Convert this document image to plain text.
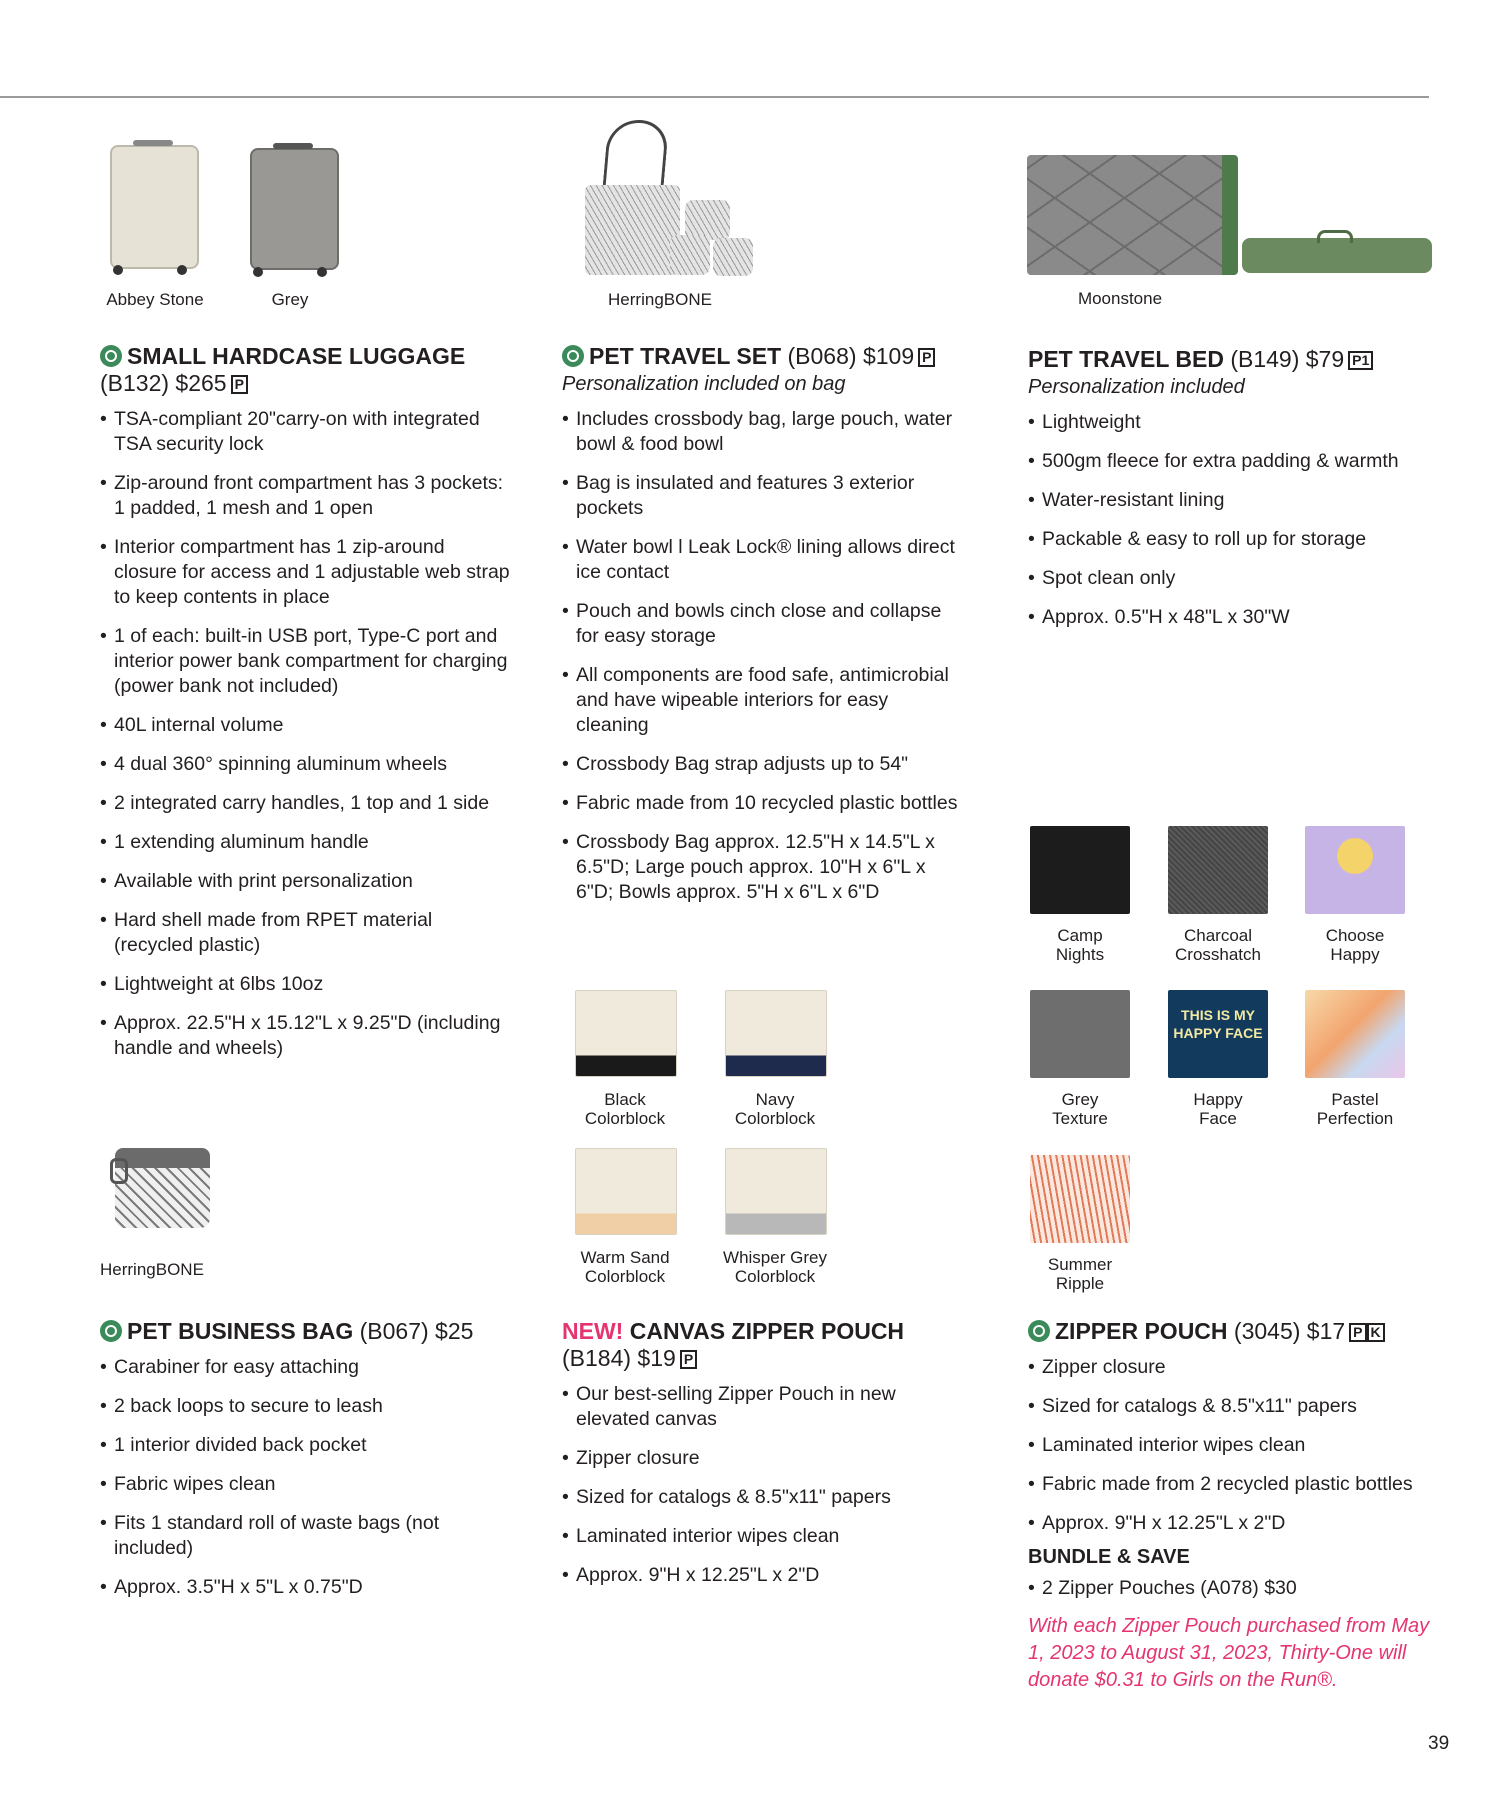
Abbey Stone	Grey
SMALL HARDCASE LUGGAGE
(B132) $265 P
• TSA-compliant 20"carry-on with integrated TSA security lock
• Zip-around front compartment has 3 pockets: 1 padded, 1 mesh and 1 open
• Interior compartment has 1 zip-around closure for access and 1 adjustable web strap to keep contents in place
• 1 of each: built-in USB port, Type-C port and interior power bank compartment for charging (power bank not included)
• 40L internal volume
• 4 dual 360° spinning aluminum wheels
• 2 integrated carry handles, 1 top and 1 side
• 1 extending aluminum handle
• Available with print personalization
• Hard shell made from RPET material (recycled plastic)
• Lightweight at 6lbs 10oz
• Approx. 22.5"H x 15.12"L x 9.25"D (including handle and wheels)
HerringBONE
PET BUSINESS BAG (B067) $25
• Carabiner for easy attaching
• 2 back loops to secure to leash
• 1 interior divided back pocket
• Fabric wipes clean
• Fits 1 standard roll of waste bags (not included)
• Approx. 3.5"H x 5"L x 0.75"D
HerringBONE
PET TRAVEL SET (B068) $109 P
Personalization included on bag
• Includes crossbody bag, large pouch, water bowl & food bowl
• Bag is insulated and features 3 exterior pockets
• Water bowl l Leak Lock® lining allows direct ice contact
• Pouch and bowls cinch close and collapse for easy storage
• All components are food safe, antimicrobial and have wipeable interiors for easy cleaning
• Crossbody Bag strap adjusts up to 54"
• Fabric made from 10 recycled plastic bottles
• Crossbody Bag approx. 12.5"H x 14.5"L x 6.5"D; Large pouch approx. 10"H x 6"L x 6"D; Bowls approx. 5"H x 6"L x 6"D
Black
Colorblock
Navy
Colorblock
Warm Sand
Colorblock
Whisper Grey
Colorblock
NEW! CANVAS ZIPPER POUCH
(B184) $19 P
• Our best-selling Zipper Pouch in new elevated canvas
• Zipper closure
• Sized for catalogs & 8.5"x11" papers
• Laminated interior wipes clean
• Approx. 9"H x 12.25"L x 2"D
Moonstone
PET TRAVEL BED (B149) $79 P1
Personalization included
• Lightweight
• 500gm fleece for extra padding & warmth
• Water-resistant lining
• Packable & easy to roll up for storage
• Spot clean only
• Approx. 0.5"H x 48"L x 30"W
Camp
Nights
Charcoal
Crosshatch
Choose
Happy
Grey
Texture
THIS IS MY HAPPY FACE
Happy
Face
Pastel
Perfection
Summer
Ripple
ZIPPER POUCH (3045) $17 P K
• Zipper closure
• Sized for catalogs & 8.5"x11" papers
• Laminated interior wipes clean
• Fabric made from 2 recycled plastic bottles
• Approx. 9"H x 12.25"L x 2"D
BUNDLE & SAVE
• 2 Zipper Pouches (A078) $30
With each Zipper Pouch purchased from May 1, 2023 to August 31, 2023, Thirty-One will donate $0.31 to Girls on the Run®.
39
